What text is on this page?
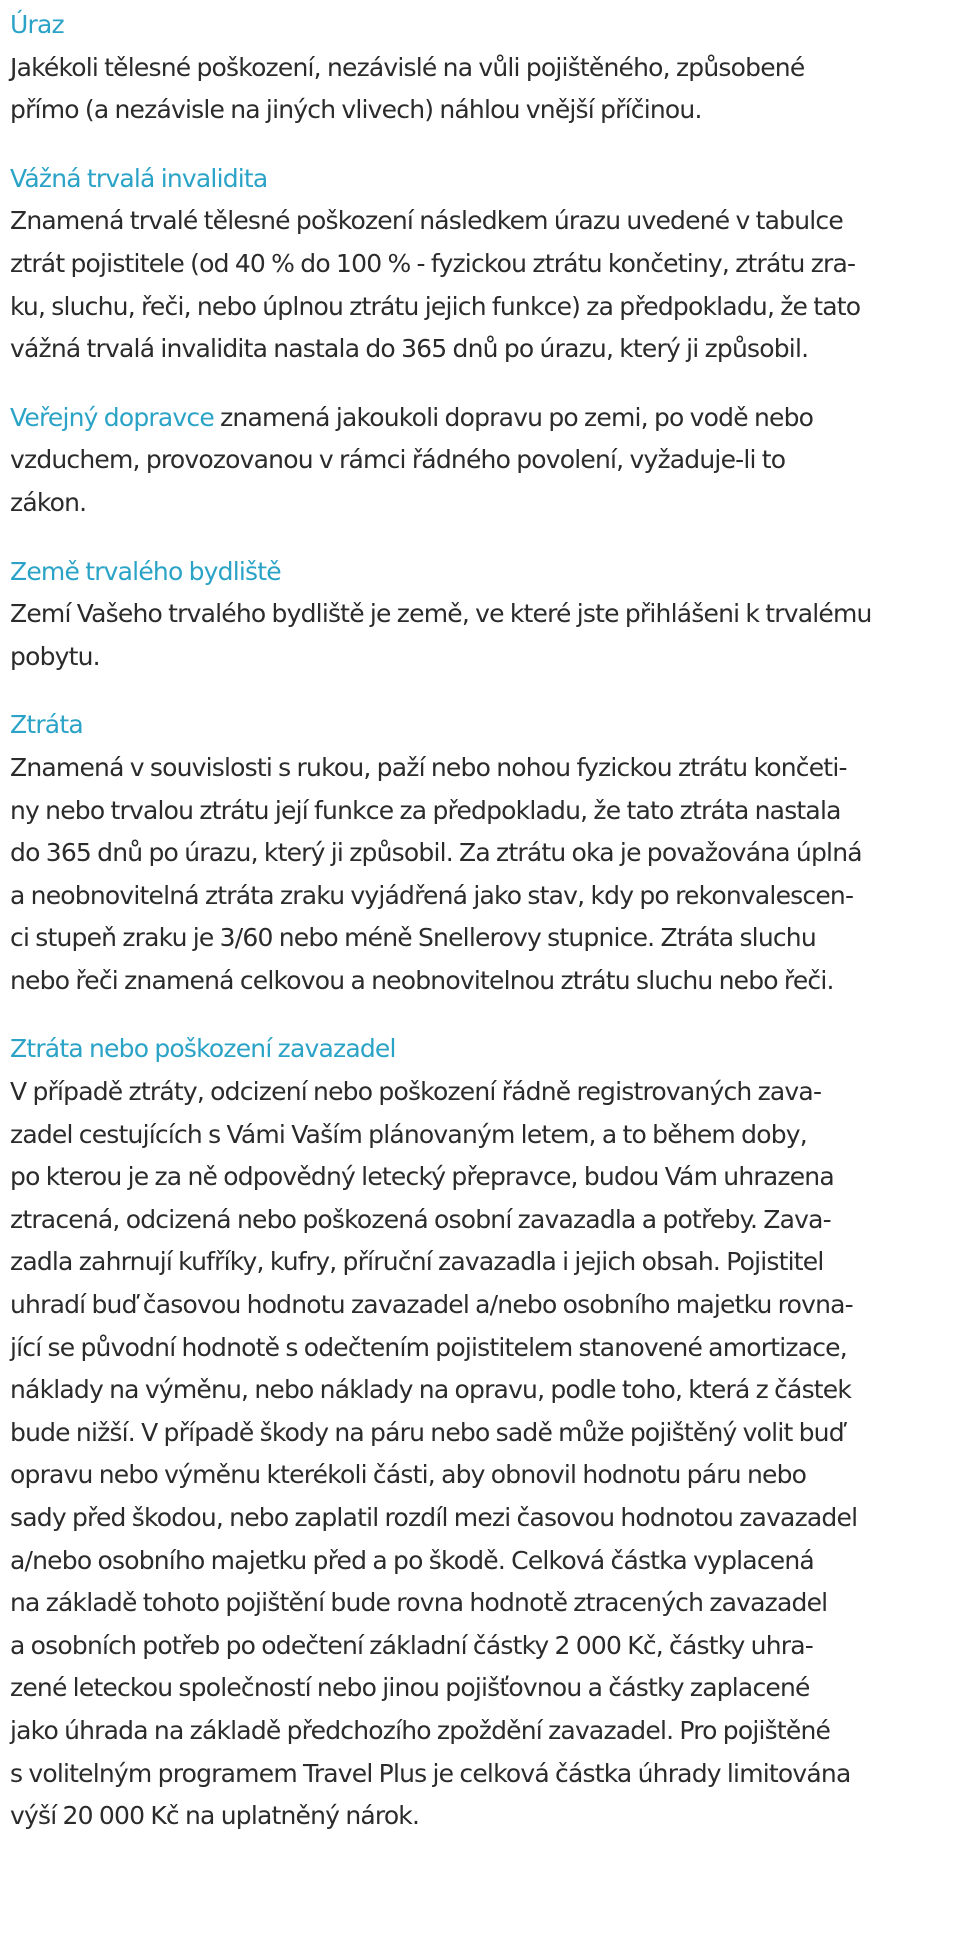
Úraz
Jakékoli tělesné poškození, nezávislé na vůli pojištěného, způsobené
přímo (a nezávisle na jiných vlivech) náhlou vnější příčinou.
Vážná trvalá invalidita
Znamená trvalé tělesné poškození následkem úrazu uvedené v tabulce
ztrát pojistitele (od 40 % do 100 % - fyzickou ztrátu končetiny, ztrátu zra-
ku, sluchu, řeči, nebo úplnou ztrátu jejich funkce) za předpokladu, že tato
vážná trvalá invalidita nastala do 365 dnů po úrazu, který ji způsobil.
Veřejný dopravce znamená jakoukoli dopravu po zemi, po vodě nebo
vzduchem, provozovanou v rámci řádného povolení, vyžaduje-li to
zákon.
Země trvalého bydliště
Zemí Vašeho trvalého bydliště je země, ve které jste přihlášeni k trvalému
pobytu.
Ztráta
Znamená v souvislosti s rukou, paží nebo nohou fyzickou ztrátu končeti-
ny nebo trvalou ztrátu její funkce za předpokladu, že tato ztráta nastala
do 365 dnů po úrazu, který ji způsobil. Za ztrátu oka je považována úplná
a neobnovitelná ztráta zraku vyjádřená jako stav, kdy po rekonvalescen-
ci stupeň zraku je 3/60 nebo méně Snellerovy stupnice. Ztráta sluchu
nebo řeči znamená celkovou a neobnovitelnou ztrátu sluchu nebo řeči.
Ztráta nebo poškození zavazadel
V případě ztráty, odcizení nebo poškození řádně registrovaných zava-
zadel cestujících s Vámi Vaším plánovaným letem, a to během doby,
po kterou je za ně odpovědný letecký přepravce, budou Vám uhrazena
ztracená, odcizená nebo poškozená osobní zavazadla a potřeby. Zava-
zadla zahrnují kufříky, kufry, příruční zavazadla i jejich obsah. Pojistitel
uhradí buď časovou hodnotu zavazadel a/nebo osobního majetku rovna-
jící se původní hodnotě s odečtením pojistitelem stanovené amortizace,
náklady na výměnu, nebo náklady na opravu, podle toho, která z částek
bude nižší. V případě škody na páru nebo sadě může pojištěný volit buď
opravu nebo výměnu kterékoli části, aby obnovil hodnotu páru nebo
sady před škodou, nebo zaplatil rozdíl mezi časovou hodnotou zavazadel
a/nebo osobního majetku před a po škodě. Celková částka vyplacená
na základě tohoto pojištění bude rovna hodnotě ztracených zavazadel
a osobních potřeb po odečtení základní částky 2 000 Kč, částky uhra-
zené leteckou společností nebo jinou pojišťovnou a částky zaplacené
jako úhrada na základě předchozího zpoždění zavazadel. Pro pojištěné
s volitelným programem Travel Plus je celková částka úhrady limitována
výší 20 000 Kč na uplatněný nárok.
